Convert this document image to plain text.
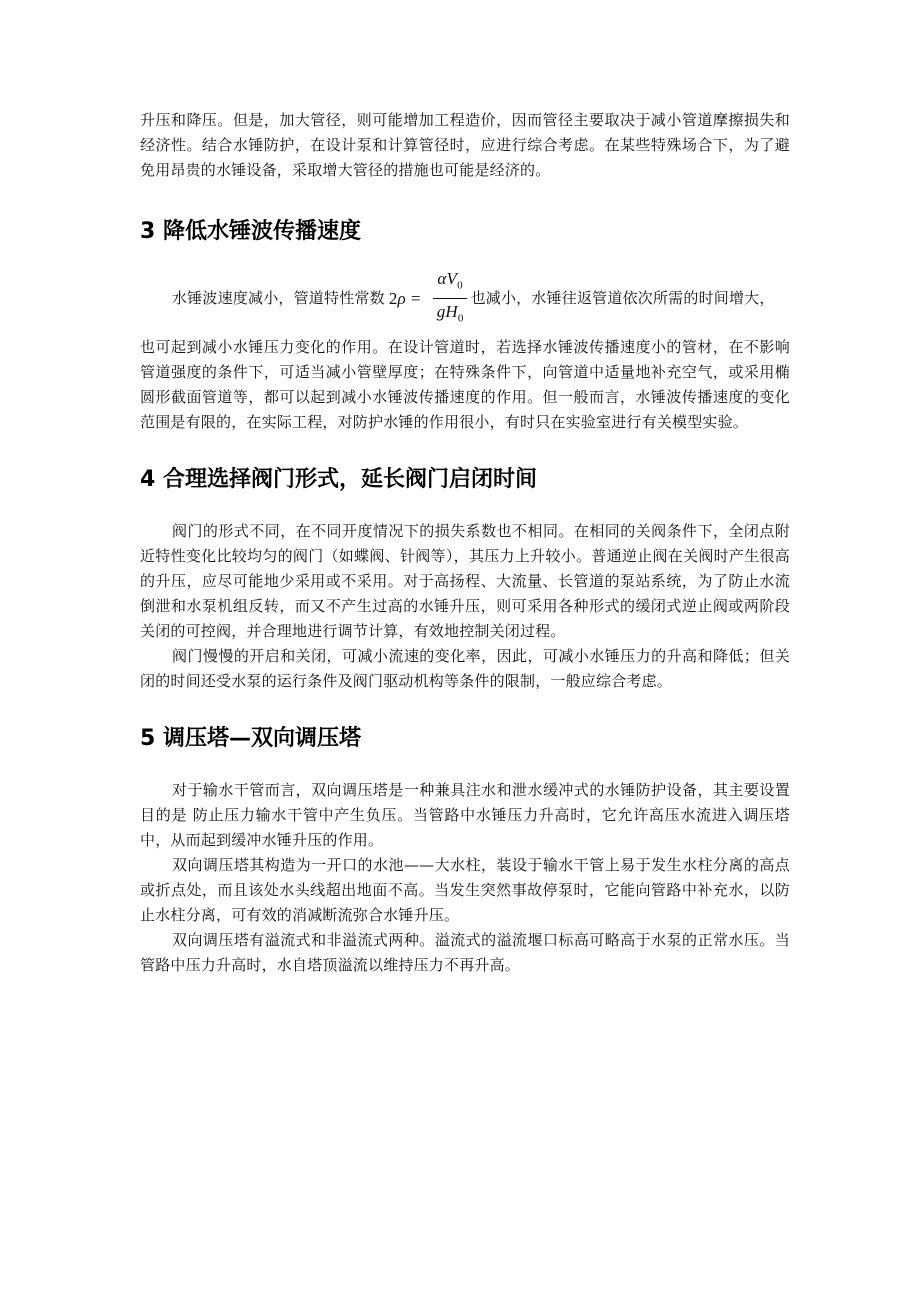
升压和降压。但是，加大管径，则可能增加工程造价，因而管径主要取决于减小管道摩擦损失和经济性。结合水锤防护，在设计泵和计算管径时，应进行综合考虑。在某些特殊场合下，为了避免用昂贵的水锤设备，采取增大管径的措施也可能是经济的。

3 降低水锤波传播速度
水锤波速度减小，管道特性常数 2 $\rho = \frac{\alpha V_0}{gH_0}$ 也减小，水锤往返管道依次所需的时间增大，

也可起到减小水锤压力变化的作用。在设计管道时，若选择水锤波传播速度小的管材，在不影响管道强度的条件下，可适当减小管壁厚度；在特殊条件下，向管道中适量地补充空气，或采用椭圆形截面管道等，都可以起到减小水锤波传播速度的作用。但一般而言，水锤波传播速度的变化范围是有限的，在实际工程，对防护水锤的作用很小，有时只在实验室进行有关模型实验。

4 合理选择阀门形式，延长阀门启闭时间

阀门的形式不同，在不同开度情况下的损失系数也不相同。在相同的关阀条件下，全闭点附近特性变化比较均匀的阀门（如蝶阀、针阀等），其压力上升较小。普通逆止阀在关阀时产生很高的升压，应尽可能地少采用或不采用。对于高扬程、大流量、长管道的泵站系统，为了防止水流倒泄和水泵机组反转，而又不产生过高的水锤升压，则可采用各种形式的缓闭式逆止阀或两阶段关闭的可控阀，并合理地进行调节计算，有效地控制关闭过程。

阀门慢慢的开启和关闭，可减小流速的变化率，因此，可减小水锤压力的升高和降低；但关闭的时间还受水泵的运行条件及阀门驱动机构等条件的限制，一般应综合考虑。

5 调压塔—双向调压塔

对于输水干管而言，双向调压塔是一种兼具注水和泄水缓冲式的水锤防护设备，其主要设置目的是 防止压力输水干管中产生负压。当管路中水锤压力升高时，它允许高压水流进入调压塔中，从而起到缓冲水锤升压的作用。

双向调压塔其构造为一开口的水池——大水柱，装设于输水干管上易于发生水柱分离的高点或折点处，而且该处水头线超出地面不高。当发生突然事故停泵时，它能向管路中补充水，以防止水柱分离，可有效的消减断流弥合水锤升压。

双向调压塔有溢流式和非溢流式两种。溢流式的溢流堰口标高可略高于水泵的正常水压。当管路中压力升高时，水自塔顶溢流以维持压力不再升高。
